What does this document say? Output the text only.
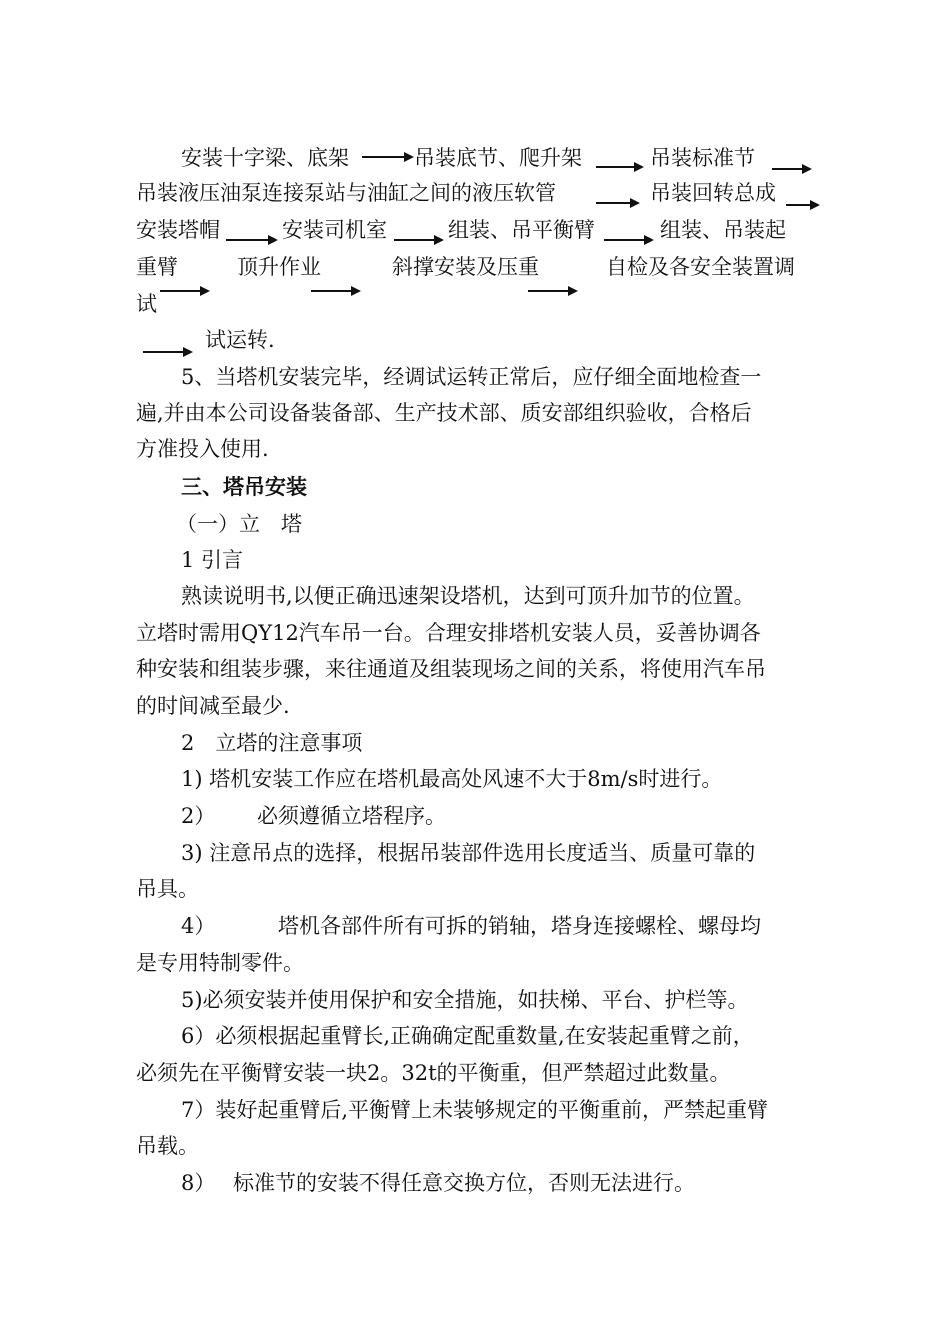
安装十字梁、底架	吊装底节、爬升架	吊装标准节
吊装液压油泵连接泵站与油缸之间的液压软管	吊装回转总成
安装塔帽	安装司机室	组装、吊平衡臂	组装、吊装起
重臂	顶升作业	斜撑安装及压重	自检及各安全装置调
试
试运转.
5、当塔机安装完毕，经调试运转正常后，应仔细全面地检查一
遍,并由本公司设备装备部、生产技术部、质安部组织验收，合格后
方准投入使用.
三、塔吊安装
（一）立　塔
1 引言
熟读说明书,以便正确迅速架设塔机，达到可顶升加节的位置。
立塔时需用QY12汽车吊一台。合理安排塔机安装人员，妥善协调各
种安装和组装步骤，来往通道及组装现场之间的关系，将使用汽车吊
的时间减至最少.
2　立塔的注意事项
1) 塔机安装工作应在塔机最高处风速不大于8m/s时进行。
2） 必须遵循立塔程序。
3) 注意吊点的选择，根据吊装部件选用长度适当、质量可靠的
吊具。
4）	塔机各部件所有可拆的销轴，塔身连接螺栓、螺母均
是专用特制零件。
5)必须安装并使用保护和安全措施，如扶梯、平台、护栏等。
6）必须根据起重臂长,正确确定配重数量,在安装起重臂之前，
必须先在平衡臂安装一块2。32t的平衡重，但严禁超过此数量。
7）装好起重臂后,平衡臂上未装够规定的平衡重前，严禁起重臂
吊载。
8） 标准节的安装不得任意交换方位，否则无法进行。
